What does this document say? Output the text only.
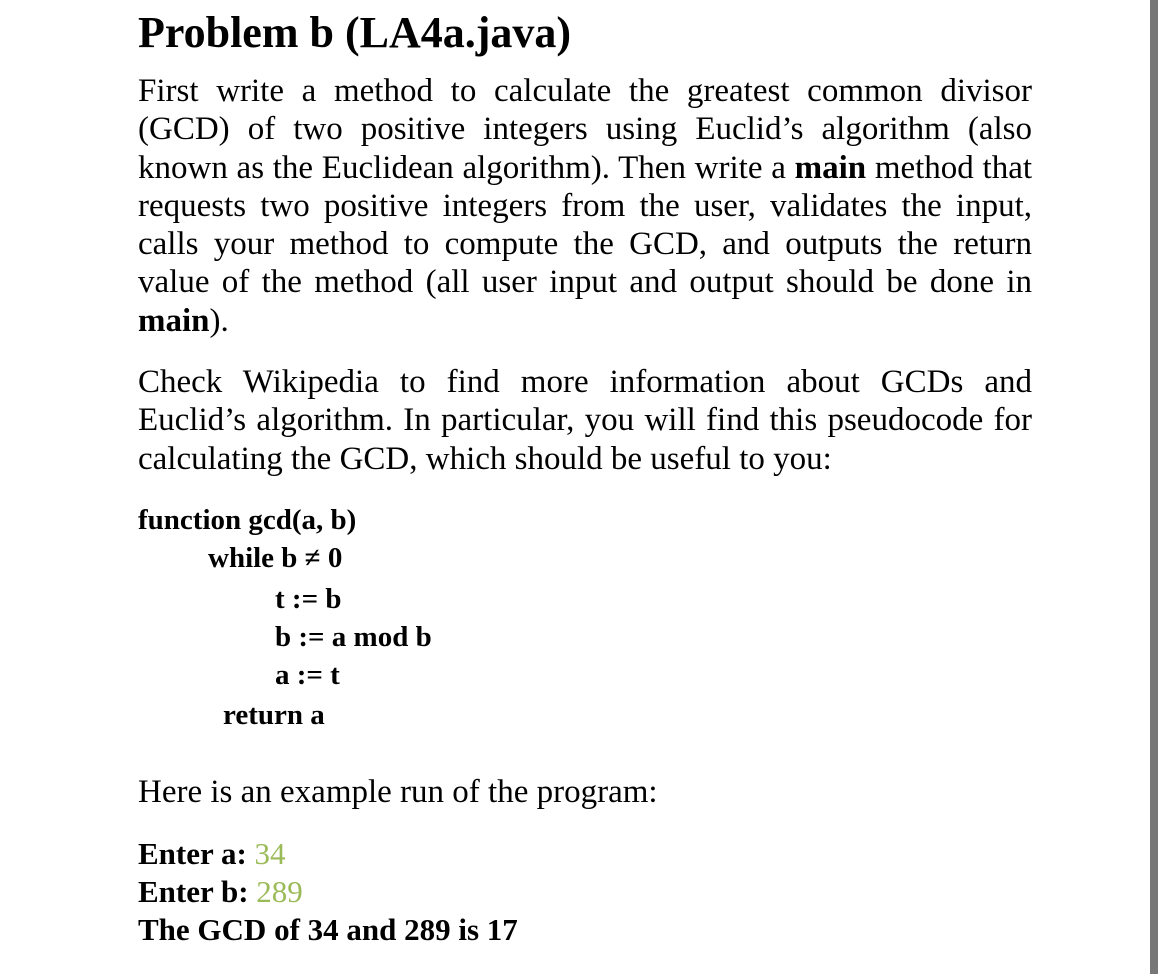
Problem b (LA4a.java)

First write a method to calculate the greatest common divisor (GCD) of two positive integers using Euclid’s algorithm (also known as the Euclidean algorithm). Then write a main method that requests two positive integers from the user, validates the input, calls your method to compute the GCD, and outputs the return value of the method (all user input and output should be done in main).

Check Wikipedia to find more information about GCDs and Euclid’s algorithm. In particular, you will find this pseudocode for calculating the GCD, which should be useful to you:

function gcd(a, b)
while b ≠ 0
t := b
b := a mod b
a := t
return a

Here is an example run of the program:

Enter a: 34
Enter b: 289
The GCD of 34 and 289 is 17
